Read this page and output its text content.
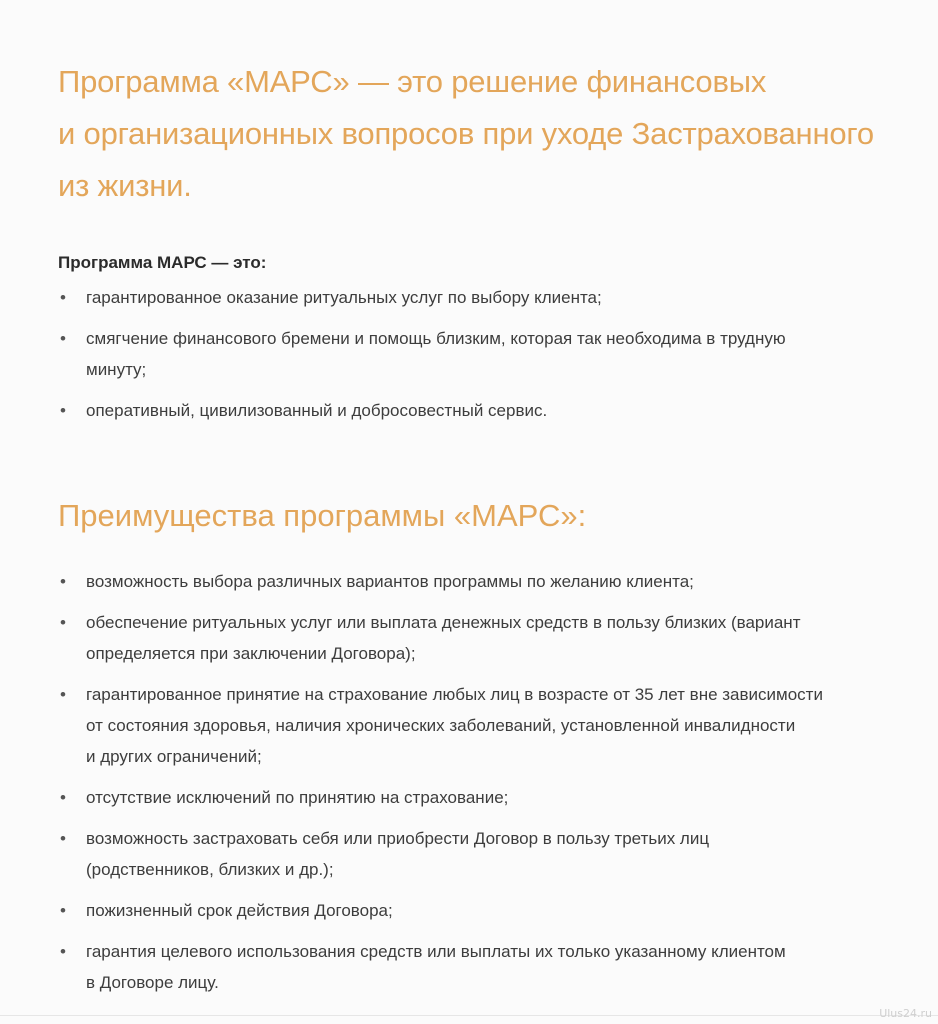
Программа «МАРС» — это решение финансовых
и организационных вопросов при уходе Застрахованного
из жизни.
Программа МАРС — это:
• гарантированное оказание ритуальных услуг по выбору клиента;
• смягчение финансового бремени и помощь близким, которая так необходима в трудную
минуту;
• оперативный, цивилизованный и добросовестный сервис.
Преимущества программы «МАРС»:
• возможность выбора различных вариантов программы по желанию клиента;
• обеспечение ритуальных услуг или выплата денежных средств в пользу близких (вариант
определяется при заключении Договора);
• гарантированное принятие на страхование любых лиц в возрасте от 35 лет вне зависимости
от состояния здоровья, наличия хронических заболеваний, установленной инвалидности
и других ограничений;
• отсутствие исключений по принятию на страхование;
• возможность застраховать себя или приобрести Договор в пользу третьих лиц
(родственников, близких и др.);
• пожизненный срок действия Договора;
• гарантия целевого использования средств или выплаты их только указанному клиентом
в Договоре лицу.
Ulus24.ru
